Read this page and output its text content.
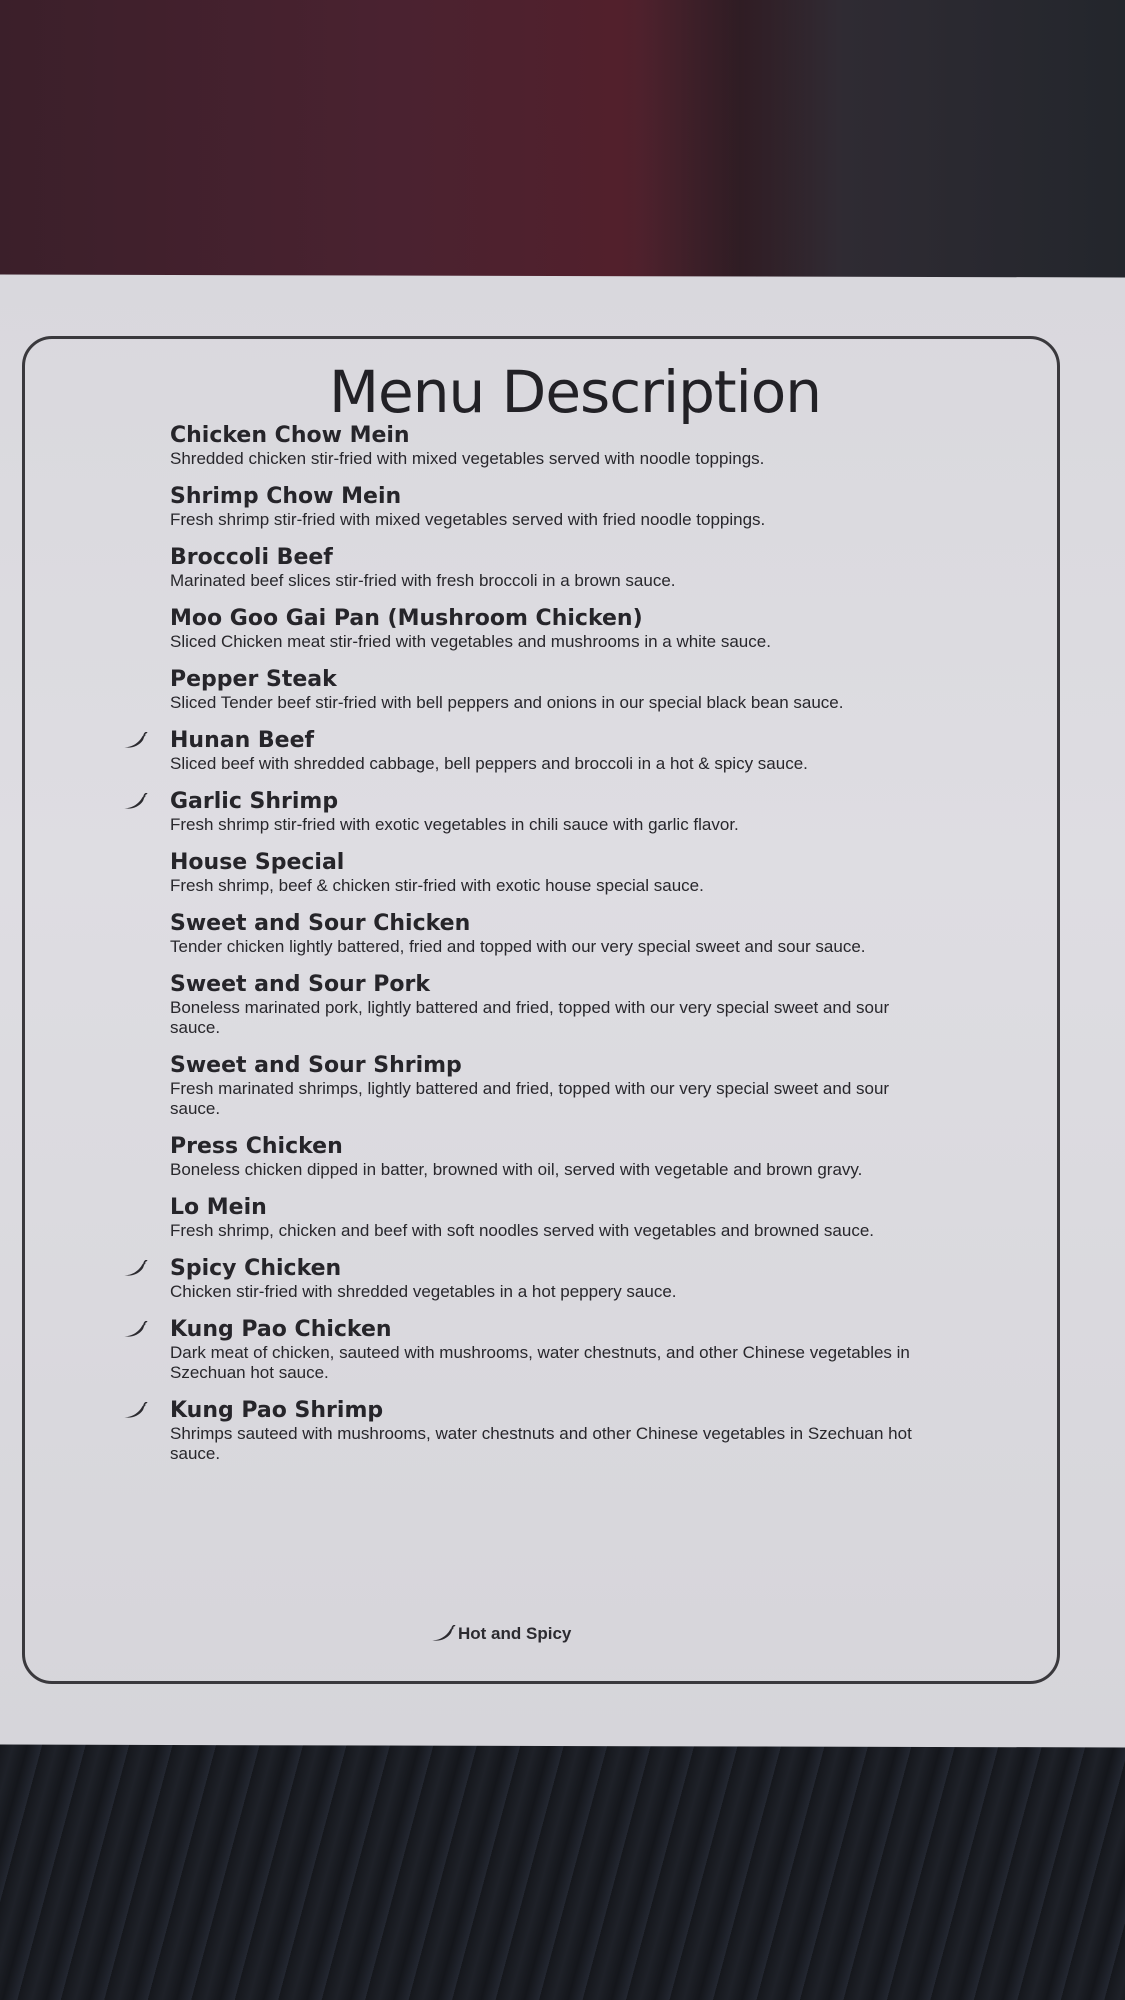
Menu Description
Chicken Chow Mein
Shredded chicken stir-fried with mixed vegetables served with noodle toppings.
Shrimp Chow Mein
Fresh shrimp stir-fried with mixed vegetables served with fried noodle toppings.
Broccoli Beef
Marinated beef slices stir-fried with fresh broccoli in a brown sauce.
Moo Goo Gai Pan (Mushroom Chicken)
Sliced Chicken meat stir-fried with vegetables and mushrooms in a white sauce.
Pepper Steak
Sliced Tender beef stir-fried with bell peppers and onions in our special black bean sauce.
Hunan Beef
Sliced beef with shredded cabbage, bell peppers and broccoli in a hot & spicy sauce.
Garlic Shrimp
Fresh shrimp stir-fried with exotic vegetables in chili sauce with garlic flavor.
House Special
Fresh shrimp, beef & chicken stir-fried with exotic house special sauce.
Sweet and Sour Chicken
Tender chicken lightly battered, fried and topped with our very special sweet and sour sauce.
Sweet and Sour Pork
Boneless marinated pork, lightly battered and fried, topped with our very special sweet and sour sauce.
Sweet and Sour Shrimp
Fresh marinated shrimps, lightly battered and fried, topped with our very special sweet and sour sauce.
Press Chicken
Boneless chicken dipped in batter, browned with oil, served with vegetable and brown gravy.
Lo Mein
Fresh shrimp, chicken and beef with soft noodles served with vegetables and browned sauce.
Spicy Chicken
Chicken stir-fried with shredded vegetables in a hot peppery sauce.
Kung Pao Chicken
Dark meat of chicken, sauteed with mushrooms, water chestnuts, and other Chinese vegetables in Szechuan hot sauce.
Kung Pao Shrimp
Shrimps sauteed with mushrooms, water chestnuts and other Chinese vegetables in Szechuan hot sauce.
Hot and Spicy
